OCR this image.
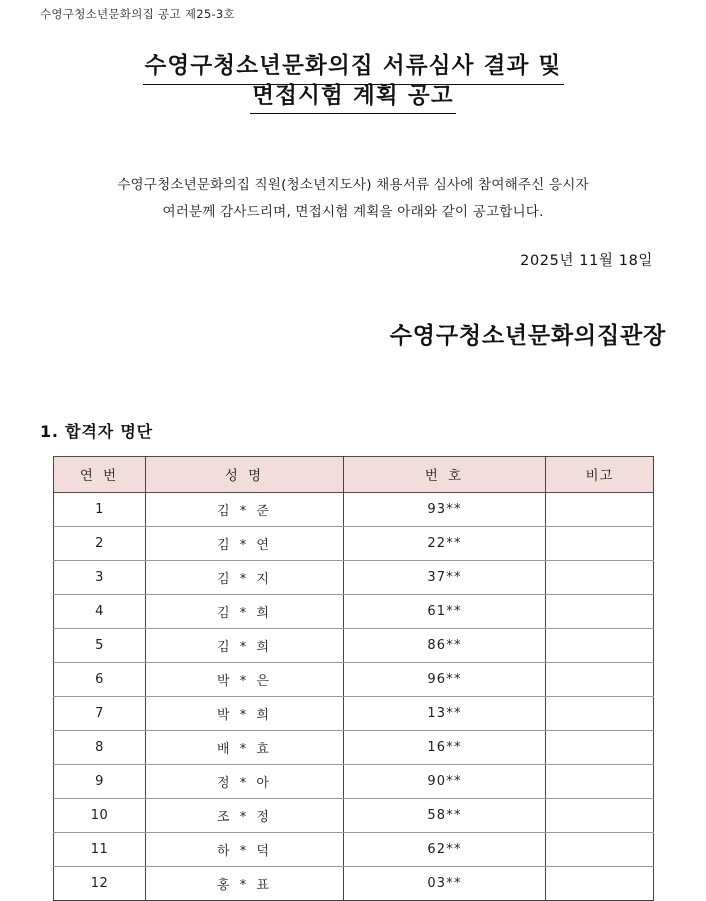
수영구청소년문화의집 공고 제25-3호
수영구청소년문화의집 서류심사 결과 및
면접시험 계획 공고
수영구청소년문화의집 직원(청소년지도사) 채용서류 심사에 참여해주신 응시자
여러분께 감사드리며, 면접시험 계획을 아래와 같이 공고합니다.
2025년 11월 18일
수영구청소년문화의집관장
1. 합격자 명단
연 번	성 명	번 호	비고
1	김 * 준	93**	
2	김 * 연	22**	
3	김 * 지	37**	
4	김 * 희	61**	
5	김 * 희	86**	
6	박 * 은	96**	
7	박 * 희	13**	
8	배 * 효	16**	
9	정 * 아	90**	
10	조 * 정	58**	
11	하 * 덕	62**	
12	홍 * 표	03**	
